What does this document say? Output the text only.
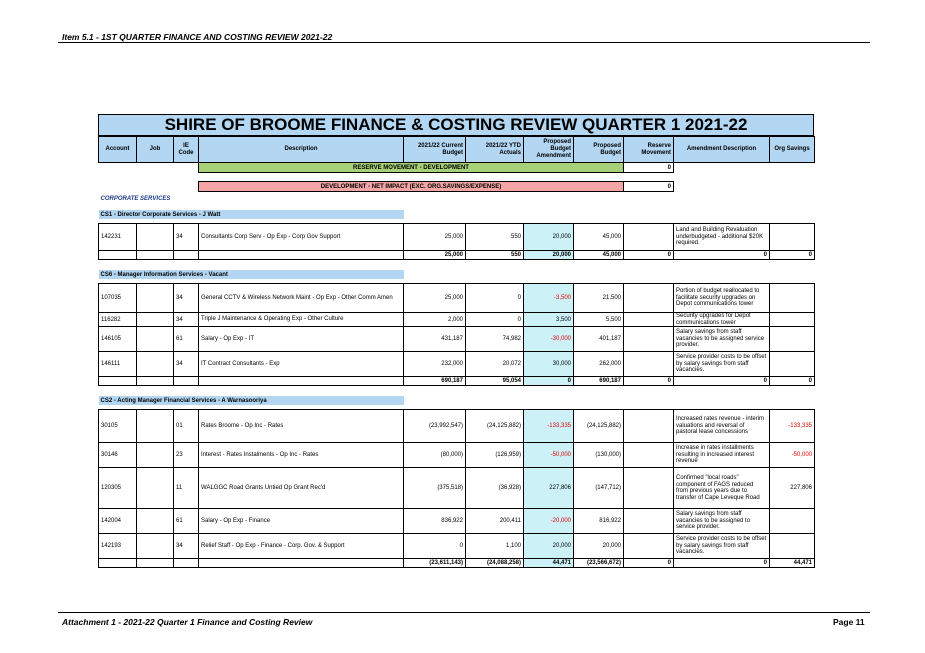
Item 5.1 - 1ST QUARTER FINANCE AND COSTING REVIEW 2021-22
SHIRE OF BROOME FINANCE & COSTING REVIEW QUARTER 1 2021-22
Account	Job	IE Code	Description	2021/22 Current Budget	2021/22 YTD Actuals	Proposed Budget Amendment	Proposed Budget	Reserve Movement	Amendment Description	Org Savings
			RESERVE MOVEMENT - DEVELOPMENT					0		

			DEVELOPMENT - NET IMPACT (EXC. ORG.SAVINGS/EXPENSE)					0		
CORPORATE SERVICES										

CS1 - Director Corporate Services - J Watt										

142231		34	Consultants Corp Serv - Op Exp - Corp Gov Support	25,000	550	20,000	45,000		Land and Building Revaluation underbudgeted - additional $20K required.	
				25,000	550	20,000	45,000	0	0	0

CS6 - Manager Information Services - Vacant										

107035		34	General CCTV & Wireless Network Maint - Op Exp - Other Comm Amen	25,000	0	-3,500	21,500		Portion of budget reallocated to facilitate security upgrades on Depot communications tower	
116282		34	Triple J Maintenance & Operating Exp - Other Culture	2,000	0	3,500	5,500		Security upgrades for Depot communications tower	
146105		61	Salary - Op Exp - IT	431,187	74,982	-30,000	401,187		Salary savings from staff vacancies to be assigned service provider.	
146111		34	IT Contract Consultants - Exp	232,000	20,072	30,000	262,000		Service provider costs to be offset by salary savings from staff vacancies.	
				690,187	95,054	0	690,187	0	0	0

CS2 - Acting Manager Financial Services - A Warnasooriya										

30105		01	Rates Broome - Op Inc - Rates	(23,992,547)	(24,125,882)	-133,335	(24,125,882)		Increased rates revenue - interim valuations and reversal of pastoral lease concessions	-133,335
30146		23	Interest - Rates Instalments - Op Inc - Rates	(80,000)	(126,959)	-50,000	(130,000)		Increase in rates installments resulting in increased interest revenue	-50,000
120305		11	WALGGC Road Grants Untied Op Grant Rec'd	(375,518)	(36,928)	227,806	(147,712)		Confirmed "local roads" component of FAGS reduced from previous years due to transfer of Cape Leveque Road	227,806
142004		61	Salary - Op Exp - Finance	836,922	200,411	-20,000	816,922		Salary savings from staff vacancies to be assigned to service provider.	
142193		34	Relief Staff - Op Exp - Finance - Corp. Gov. & Support	0	1,100	20,000	20,000		Service provider costs to be offset by salary savings from staff vacancies.	
				(23,611,143)	(24,088,258)	44,471	(23,566,672)	0	0	44,471
Attachment 1 - 2021-22 Quarter 1 Finance and Costing Review	Page 11
